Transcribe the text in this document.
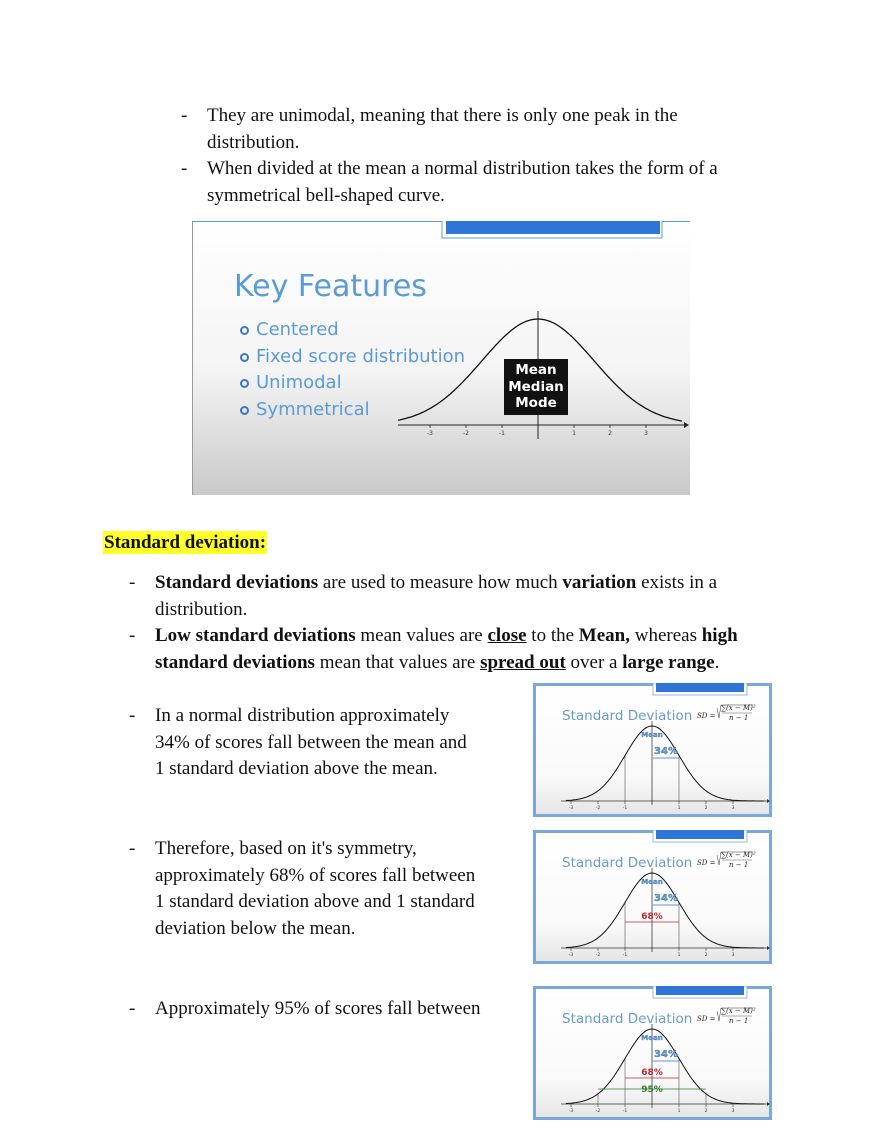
- They are unimodal, meaning that there is only one peak in the
distribution.
- When divided at the mean a normal distribution takes the form of a
symmetrical bell-shaped curve.
-3	-2	-1	1	2	3
Key Features
Centered
Fixed score distribution
Unimodal
Symmetrical
Mean
Median
Mode
Standard deviation:
- Standard deviations are used to measure how much variation exists in a
distribution.
- Low standard deviations mean values are close to the Mean, whereas high
standard deviations mean that values are spread out over a large range.
- In a normal distribution approximately
34% of scores fall between the mean and
1 standard deviation above the mean.
- Therefore, based on it's symmetry,
approximately 68% of scores fall between
1 standard deviation above and 1 standard
deviation below the mean.
- Approximately 95% of scores fall between
-3	-2	-1	1	2	3
Mean
34%
Standard Deviation SD =
∑(x − M)²
n − 1
-3	-2	-1	1	2	3
Mean
34%
68%
Standard Deviation SD =
∑(x − M)²
n − 1
-3	-2	-1	1	2	3
Mean
34%
68%
95%
Standard Deviation SD =
∑(x − M)²
n − 1
